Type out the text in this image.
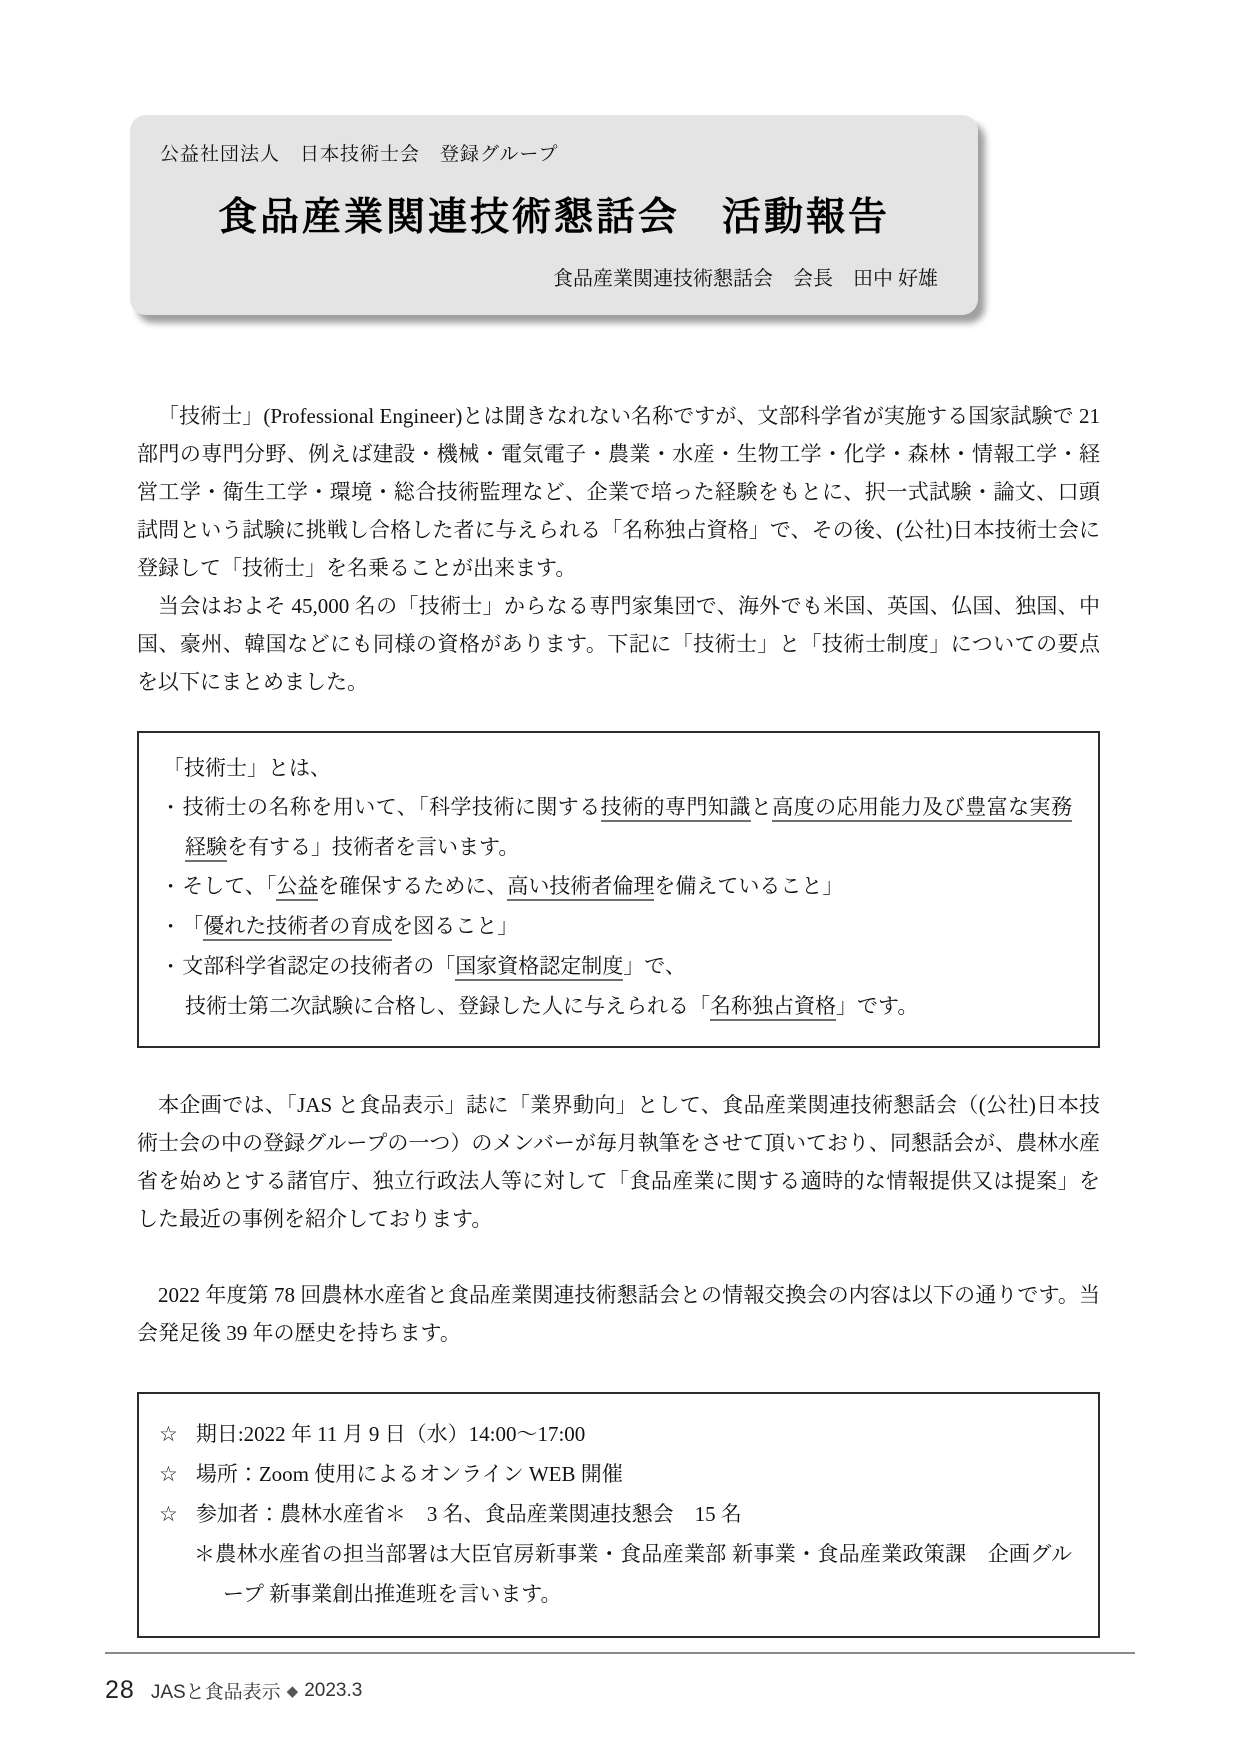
公益社団法人　日本技術士会　登録グループ
食品産業関連技術懇話会　活動報告
食品産業関連技術懇話会　会長　田中 好雄

「技術士」(Professional Engineer)とは聞きなれない名称ですが、文部科学省が実施する国家試験で 21 部門の専門分野、例えば建設・機械・電気電子・農業・水産・生物工学・化学・森林・情報工学・経営工学・衛生工学・環境・総合技術監理など、企業で培った経験をもとに、択一式試験・論文、口頭試問という試験に挑戦し合格した者に与えられる「名称独占資格」で、その後、(公社)日本技術士会に登録して「技術士」を名乗ることが出来ます。

当会はおよそ 45,000 名の「技術士」からなる専門家集団で、海外でも米国、英国、仏国、独国、中国、豪州、韓国などにも同様の資格があります。下記に「技術士」と「技術士制度」についての要点を以下にまとめました。

「技術士」とは、
• 技術士の名称を用いて、「科学技術に関する技術的専門知識と高度の応用能力及び豊富な実務経験を有する」技術者を言います。
• そして、「公益を確保するために、高い技術者倫理を備えていること」
• 「優れた技術者の育成を図ること」
• 文部科学省認定の技術者の「国家資格認定制度」で、
技術士第二次試験に合格し、登録した人に与えられる「名称独占資格」です。

本企画では、「JAS と食品表示」誌に「業界動向」として、食品産業関連技術懇話会（(公社)日本技術士会の中の登録グループの一つ）のメンバーが毎月執筆をさせて頂いており、同懇話会が、農林水産省を始めとする諸官庁、独立行政法人等に対して「食品産業に関する適時的な情報提供又は提案」をした最近の事例を紹介しております。

2022 年度第 78 回農林水産省と食品産業関連技術懇話会との情報交換会の内容は以下の通りです。当会発足後 39 年の歴史を持ちます。

☆ 期日:2022 年 11 月 9 日（水）14:00～17:00
☆ 場所：Zoom 使用によるオンライン WEB 開催
☆ 参加者：農林水産省＊　3 名、食品産業関連技懇会　15 名
＊農林水産省の担当部署は大臣官房新事業・食品産業部 新事業・食品産業政策課　企画グループ 新事業創出推進班を言います。
28 JASと食品表示 ◆ 2023.3
